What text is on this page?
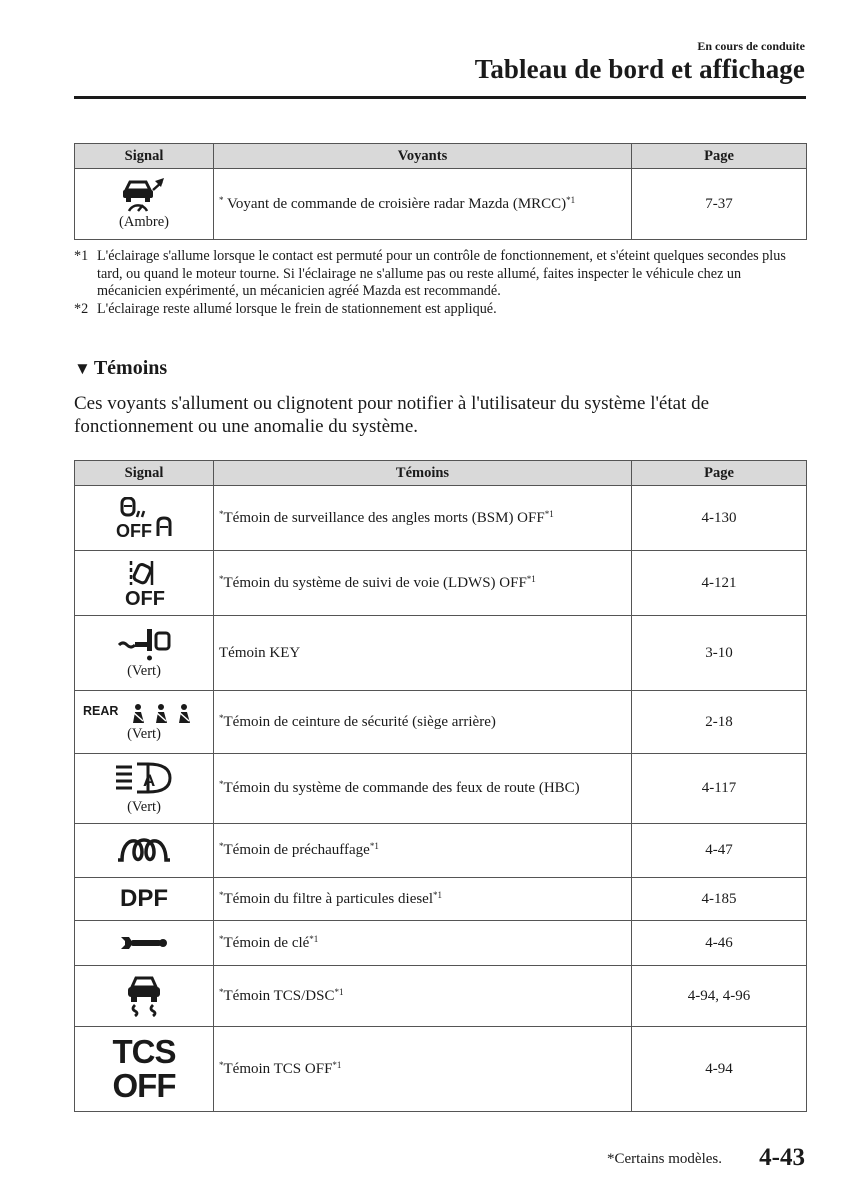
En cours de conduite
Tableau de bord et affichage
Signal	Voyants	Page

(Ambre)	* Voyant de commande de croisière radar Mazda (MRCC)$^{*1}$	7-37
*1 L'éclairage s'allume lorsque le contact est permuté pour un contrôle de fonctionnement, et s'éteint quelques secondes plus tard, ou quand le moteur tourne. Si l'éclairage ne s'allume pas ou reste allumé, faites inspecter le véhicule chez un mécanicien expérimenté, un mécanicien agréé Mazda est recommandé.
*2 L'éclairage reste allumé lorsque le frein de stationnement est appliqué.
▼ Témoins
Ces voyants s'allument ou clignotent pour notifier à l'utilisateur du système l'état de fonctionnement ou une anomalie du système.
Signal	Témoins	Page

OFF	*Témoin de surveillance des angles morts (BSM) OFF$^{*1}$	4-130

OFF	*Témoin du système de suivi de voie (LDWS) OFF$^{*1}$	4-121

(Vert)	Témoin KEY	3-10

REAR
(Vert)	*Témoin de ceinture de sécurité (siège arrière)	2-18

A
(Vert)	*Témoin du système de commande des feux de route (HBC)	4-117
	*Témoin de préchauffage$^{*1}$	4-47
DPF	*Témoin du filtre à particules diesel$^{*1}$	4-185
	*Témoin de clé$^{*1}$	4-46
	*Témoin TCS/DSC$^{*1}$	4-94, 4-96
TCS OFF	*Témoin TCS OFF$^{*1}$	4-94
*Certains modèles. 4-43
